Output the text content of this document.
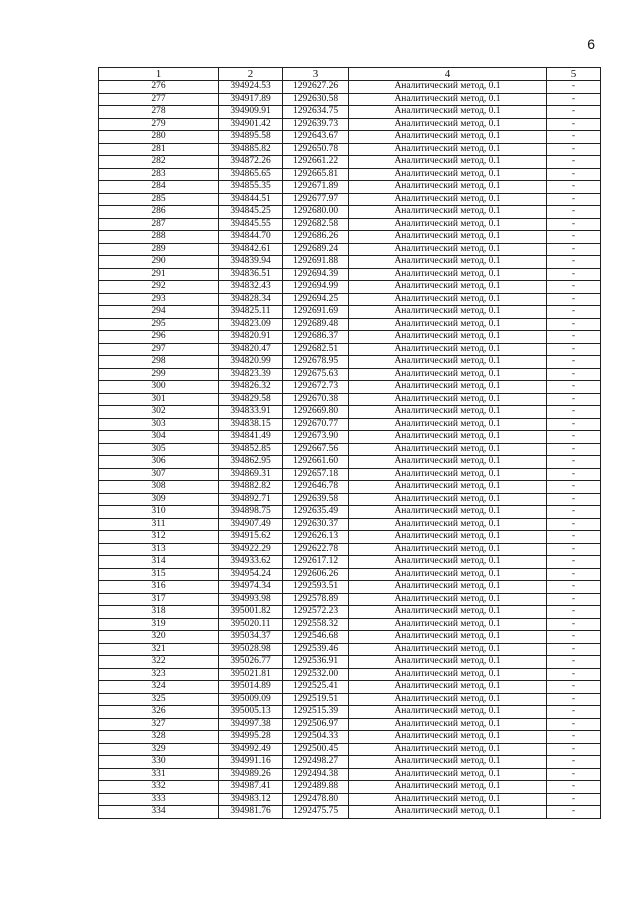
6
1	2	3	4	5
276	394924.53	1292627.26	Аналитический метод, 0.1	-
277	394917.89	1292630.58	Аналитический метод, 0.1	-
278	394909.91	1292634.75	Аналитический метод, 0.1	-
279	394901.42	1292639.73	Аналитический метод, 0.1	-
280	394895.58	1292643.67	Аналитический метод, 0.1	-
281	394885.82	1292650.78	Аналитический метод, 0.1	-
282	394872.26	1292661.22	Аналитический метод, 0.1	-
283	394865.65	1292665.81	Аналитический метод, 0.1	-
284	394855.35	1292671.89	Аналитический метод, 0.1	-
285	394844.51	1292677.97	Аналитический метод, 0.1	-
286	394845.25	1292680.00	Аналитический метод, 0.1	-
287	394845.55	1292682.58	Аналитический метод, 0.1	-
288	394844.70	1292686.26	Аналитический метод, 0.1	-
289	394842.61	1292689.24	Аналитический метод, 0.1	-
290	394839.94	1292691.88	Аналитический метод, 0.1	-
291	394836.51	1292694.39	Аналитический метод, 0.1	-
292	394832.43	1292694.99	Аналитический метод, 0.1	-
293	394828.34	1292694.25	Аналитический метод, 0.1	-
294	394825.11	1292691.69	Аналитический метод, 0.1	-
295	394823.09	1292689.48	Аналитический метод, 0.1	-
296	394820.91	1292686.37	Аналитический метод, 0.1	-
297	394820.47	1292682.51	Аналитический метод, 0.1	-
298	394820.99	1292678.95	Аналитический метод, 0.1	-
299	394823.39	1292675.63	Аналитический метод, 0.1	-
300	394826.32	1292672.73	Аналитический метод, 0.1	-
301	394829.58	1292670.38	Аналитический метод, 0.1	-
302	394833.91	1292669.80	Аналитический метод, 0.1	-
303	394838.15	1292670.77	Аналитический метод, 0.1	-
304	394841.49	1292673.90	Аналитический метод, 0.1	-
305	394852.85	1292667.56	Аналитический метод, 0.1	-
306	394862.95	1292661.60	Аналитический метод, 0.1	-
307	394869.31	1292657.18	Аналитический метод, 0.1	-
308	394882.82	1292646.78	Аналитический метод, 0.1	-
309	394892.71	1292639.58	Аналитический метод, 0.1	-
310	394898.75	1292635.49	Аналитический метод, 0.1	-
311	394907.49	1292630.37	Аналитический метод, 0.1	-
312	394915.62	1292626.13	Аналитический метод, 0.1	-
313	394922.29	1292622.78	Аналитический метод, 0.1	-
314	394933.62	1292617.12	Аналитический метод, 0.1	-
315	394954.24	1292606.26	Аналитический метод, 0.1	-
316	394974.34	1292593.51	Аналитический метод, 0.1	-
317	394993.98	1292578.89	Аналитический метод, 0.1	-
318	395001.82	1292572.23	Аналитический метод, 0.1	-
319	395020.11	1292558.32	Аналитический метод, 0.1	-
320	395034.37	1292546.68	Аналитический метод, 0.1	-
321	395028.98	1292539.46	Аналитический метод, 0.1	-
322	395026.77	1292536.91	Аналитический метод, 0.1	-
323	395021.81	1292532.00	Аналитический метод, 0.1	-
324	395014.89	1292525.41	Аналитический метод, 0.1	-
325	395009.09	1292519.51	Аналитический метод, 0.1	-
326	395005.13	1292515.39	Аналитический метод, 0.1	-
327	394997.38	1292506.97	Аналитический метод, 0.1	-
328	394995.28	1292504.33	Аналитический метод, 0.1	-
329	394992.49	1292500.45	Аналитический метод, 0.1	-
330	394991.16	1292498.27	Аналитический метод, 0.1	-
331	394989.26	1292494.38	Аналитический метод, 0.1	-
332	394987.41	1292489.88	Аналитический метод, 0.1	-
333	394983.12	1292478.80	Аналитический метод, 0.1	-
334	394981.76	1292475.75	Аналитический метод, 0.1	-
